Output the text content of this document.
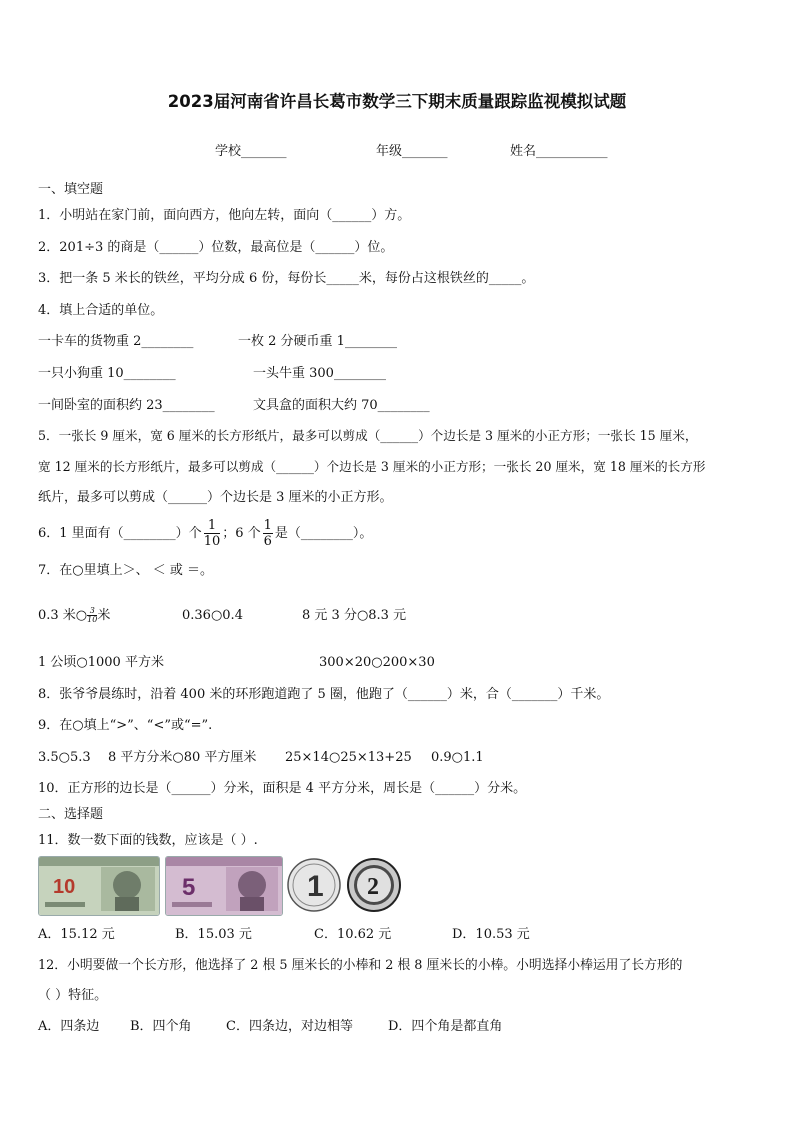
2023届河南省许昌长葛市数学三下期末质量跟踪监视模拟试题
学校_______	年级_______	姓名___________
一、填空题
1．小明站在家门前，面向西方，他向左转，面向（______）方。
2．201÷3 的商是（______）位数，最高位是（______）位。
3．把一条 5 米长的铁丝，平均分成 6 份，每份长_____米，每份占这根铁丝的_____。
4．填上合适的单位。
一卡车的货物重 2________	一枚 2 分硬币重 1________
一只小狗重 10________	一头牛重 300________
一间卧室的面积约 23________	文具盒的面积大约 70________
5．一张长 9 厘米，宽 6 厘米的长方形纸片，最多可以剪成（______）个边长是 3 厘米的小正方形；一张长 15 厘米，
宽 12 厘米的长方形纸片，最多可以剪成（______）个边长是 3 厘米的小正方形；一张长 20 厘米，宽 18 厘米的长方形
纸片，最多可以剪成（______）个边长是 3 厘米的小正方形。
6．1 里面有（________）个 $\frac{1}{10}$ ；6 个 $\frac{1}{6}$ 是（________）。
7．在○里填上＞、 ＜ 或 ＝。
0.3 米○ $\frac{3}{10}$ 米	0.36○0.4	8 元 3 分○8.3 元
1 公顷○1000 平方米	300×20○200×30
8．张爷爷晨练时，沿着 400 米的环形跑道跑了 5 圈，他跑了（______）米，合（_______）千米。
9．在○填上“>”、“<”或“=”.
3.5○5.3 8 平方分米○80 平方厘米 25×14○25×13+25 0.9○1.1
10．正方形的边长是（______）分米，面积是 4 平方分米，周长是（______）分米。
二、选择题
11．数一数下面的钱数，应该是（ ）.
10	5	1 2
A．15.12 元	B．15.03 元	C．10.62 元	D．10.53 元
12．小明要做一个长方形，他选择了 2 根 5 厘米长的小棒和 2 根 8 厘米长的小棒。小明选择小棒运用了长方形的
（ ）特征。
A．四条边 B．四个角	C．四条边，对边相等	D．四个角是都直角
